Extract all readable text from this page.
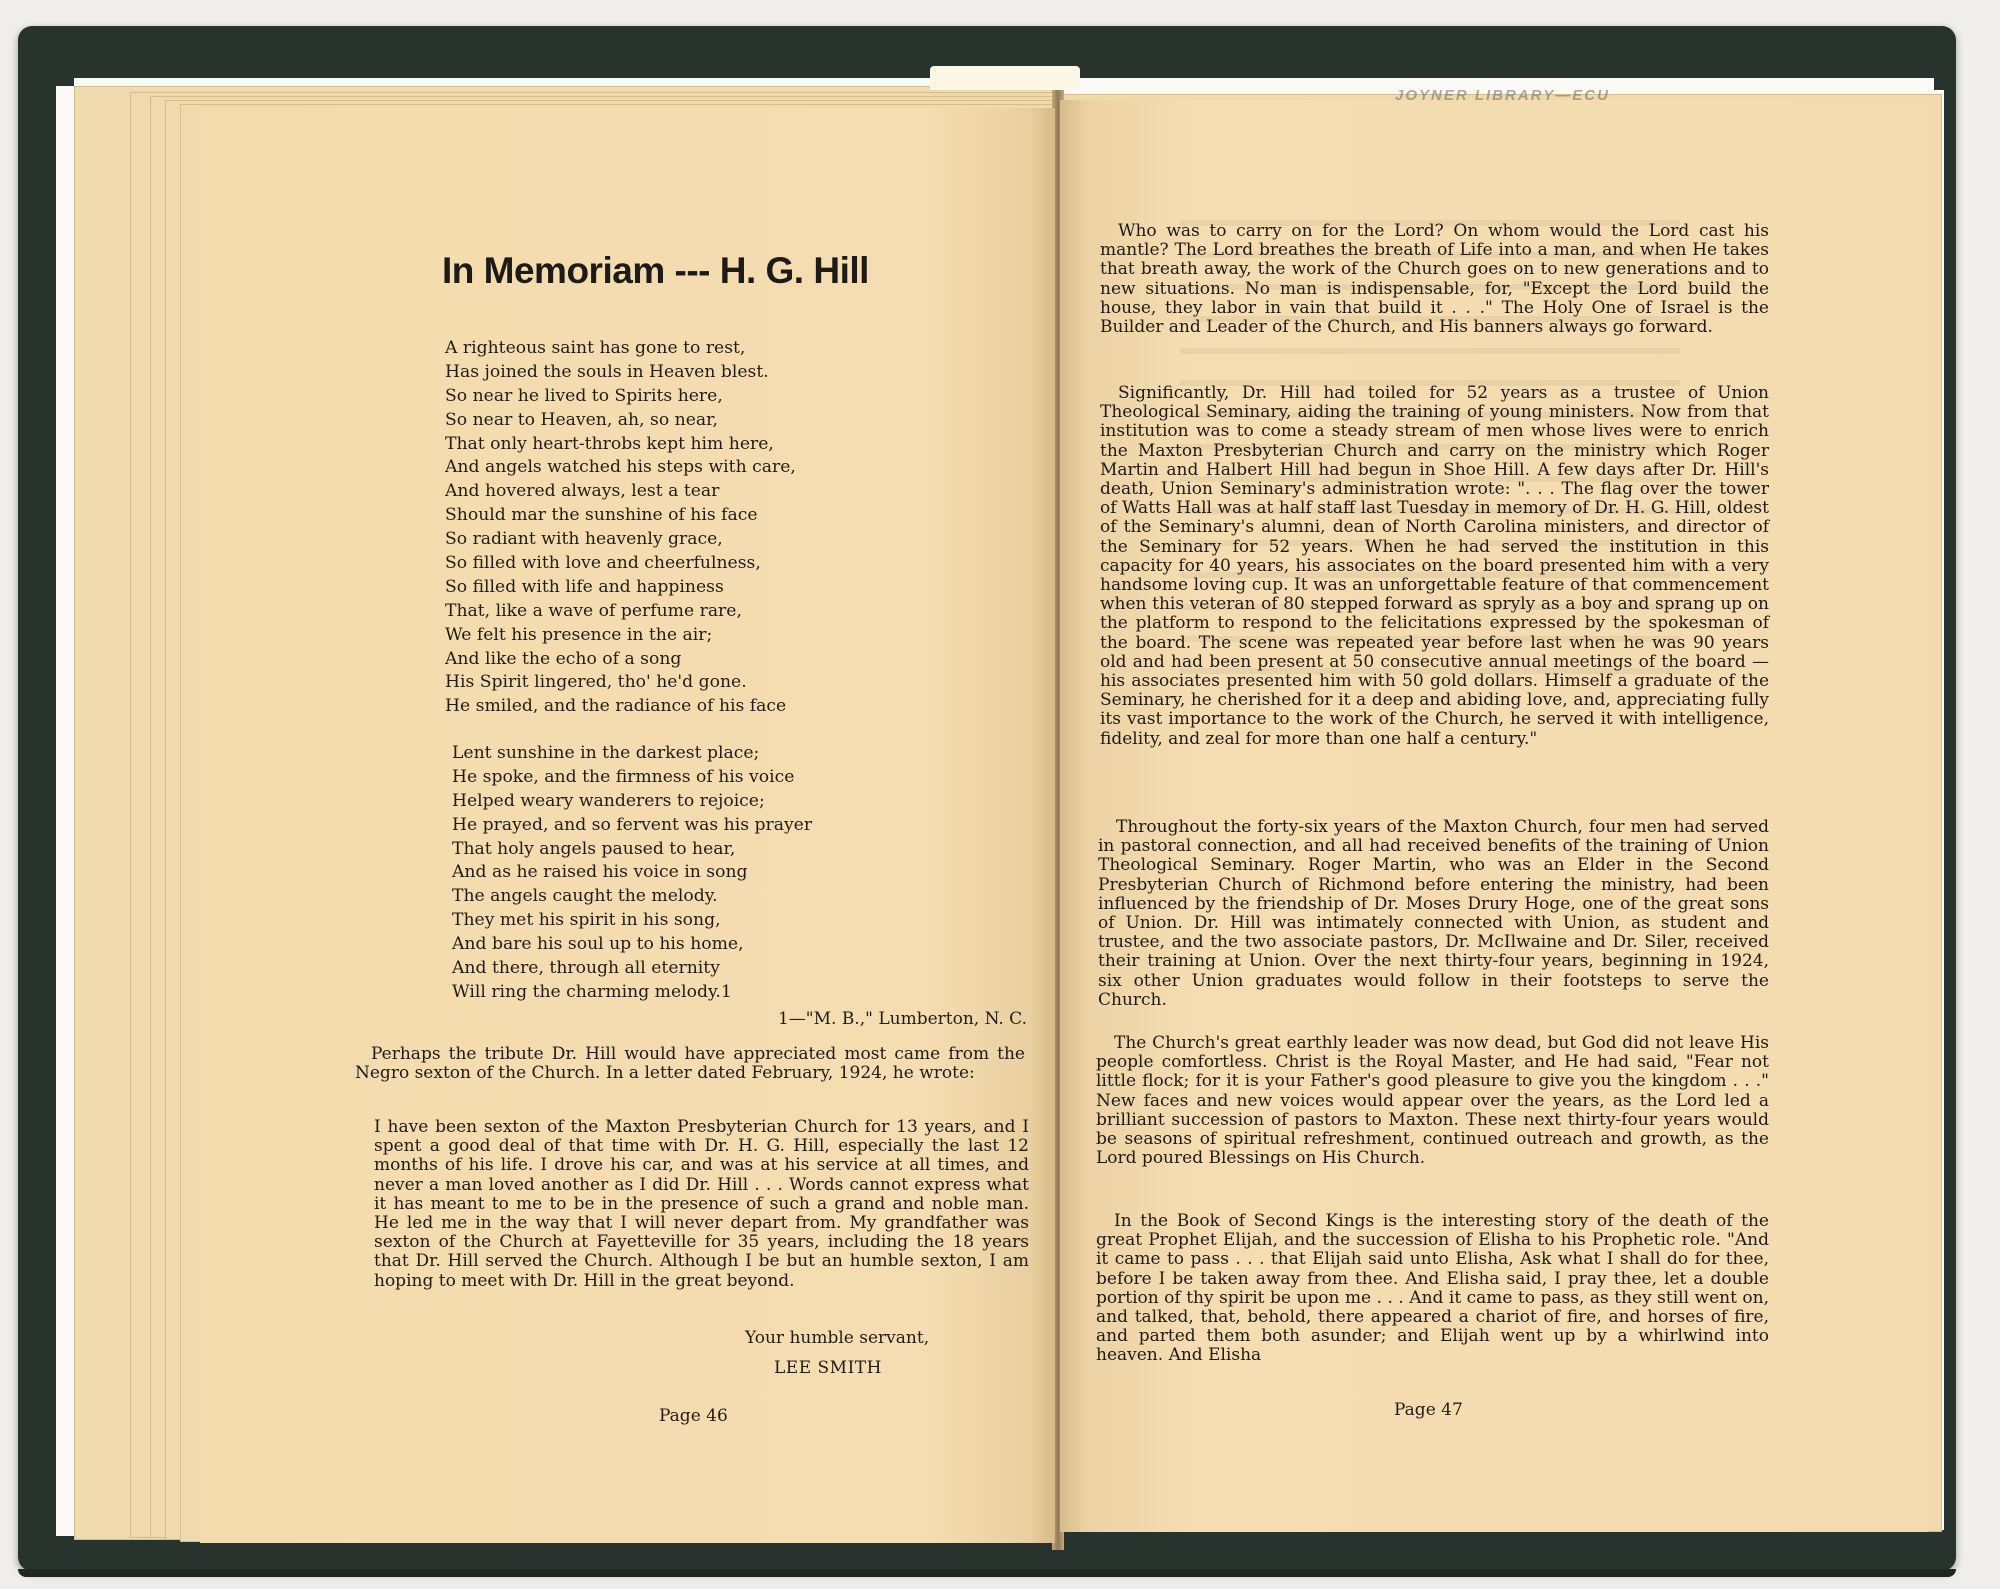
JOYNER LIBRARY—ECU
In Memoriam --- H. G. Hill
A righteous saint has gone to rest,
Has joined the souls in Heaven blest.
So near he lived to Spirits here,
So near to Heaven, ah, so near,
That only heart-throbs kept him here,
And angels watched his steps with care,
And hovered always, lest a tear
Should mar the sunshine of his face
So radiant with heavenly grace,
So filled with love and cheerfulness,
So filled with life and happiness
That, like a wave of perfume rare,
We felt his presence in the air;
And like the echo of a song
His Spirit lingered, tho' he'd gone.
He smiled, and the radiance of his face
Lent sunshine in the darkest place;
He spoke, and the firmness of his voice
Helped weary wanderers to rejoice;
He prayed, and so fervent was his prayer
That holy angels paused to hear,
And as he raised his voice in song
The angels caught the melody.
They met his spirit in his song,
And bare his soul up to his home,
And there, through all eternity
Will ring the charming melody.1
1—"M. B.," Lumberton, N. C.

Perhaps the tribute Dr. Hill would have appreciated most came from the Negro sexton of the Church. In a letter dated February, 1924, he wrote:

I have been sexton of the Maxton Presbyterian Church for 13 years, and I spent a good deal of that time with Dr. H. G. Hill, especially the last 12 months of his life. I drove his car, and was at his service at all times, and never a man loved another as I did Dr. Hill . . . Words cannot express what it has meant to me to be in the presence of such a grand and noble man. He led me in the way that I will never depart from. My grandfather was sexton of the Church at Fayetteville for 35 years, including the 18 years that Dr. Hill served the Church. Although I be but an humble sexton, I am hoping to meet with Dr. Hill in the great beyond.

Your humble servant,
LEE SMITH
Page 46

Who was to carry on for the Lord? On whom would the Lord cast his mantle? The Lord breathes the breath of Life into a man, and when He takes that breath away, the work of the Church goes on to new generations and to new situations. No man is indispensable, for, "Except the Lord build the house, they labor in vain that build it . . ." The Holy One of Israel is the Builder and Leader of the Church, and His banners always go forward.

Significantly, Dr. Hill had toiled for 52 years as a trustee of Union Theological Seminary, aiding the training of young ministers. Now from that institution was to come a steady stream of men whose lives were to enrich the Maxton Presbyterian Church and carry on the ministry which Roger Martin and Halbert Hill had begun in Shoe Hill. A few days after Dr. Hill's death, Union Seminary's administration wrote: ". . . The flag over the tower of Watts Hall was at half staff last Tuesday in memory of Dr. H. G. Hill, oldest of the Seminary's alumni, dean of North Carolina ministers, and director of the Seminary for 52 years. When he had served the institution in this capacity for 40 years, his associates on the board presented him with a very handsome loving cup. It was an unforgettable feature of that commencement when this veteran of 80 stepped forward as spryly as a boy and sprang up on the platform to respond to the felicitations expressed by the spokesman of the board. The scene was repeated year before last when he was 90 years old and had been present at 50 consecutive annual meetings of the board — his associates presented him with 50 gold dollars. Himself a graduate of the Seminary, he cherished for it a deep and abiding love, and, appreciating fully its vast importance to the work of the Church, he served it with intelligence, fidelity, and zeal for more than one half a century."

Throughout the forty-six years of the Maxton Church, four men had served in pastoral connection, and all had received benefits of the training of Union Theological Seminary. Roger Martin, who was an Elder in the Second Presbyterian Church of Richmond before entering the ministry, had been influenced by the friendship of Dr. Moses Drury Hoge, one of the great sons of Union. Dr. Hill was intimately connected with Union, as student and trustee, and the two associate pastors, Dr. McIlwaine and Dr. Siler, received their training at Union. Over the next thirty-four years, beginning in 1924, six other Union graduates would follow in their footsteps to serve the Church.

The Church's great earthly leader was now dead, but God did not leave His people comfortless. Christ is the Royal Master, and He had said, "Fear not little flock; for it is your Father's good pleasure to give you the kingdom . . ." New faces and new voices would appear over the years, as the Lord led a brilliant succession of pastors to Maxton. These next thirty-four years would be seasons of spiritual refreshment, continued outreach and growth, as the Lord poured Blessings on His Church.

In the Book of Second Kings is the interesting story of the death of the great Prophet Elijah, and the succession of Elisha to his Prophetic role. "And it came to pass . . . that Elijah said unto Elisha, Ask what I shall do for thee, before I be taken away from thee. And Elisha said, I pray thee, let a double portion of thy spirit be upon me . . . And it came to pass, as they still went on, and talked, that, behold, there appeared a chariot of fire, and horses of fire, and parted them both asunder; and Elijah went up by a whirlwind into heaven. And Elisha

Page 47
